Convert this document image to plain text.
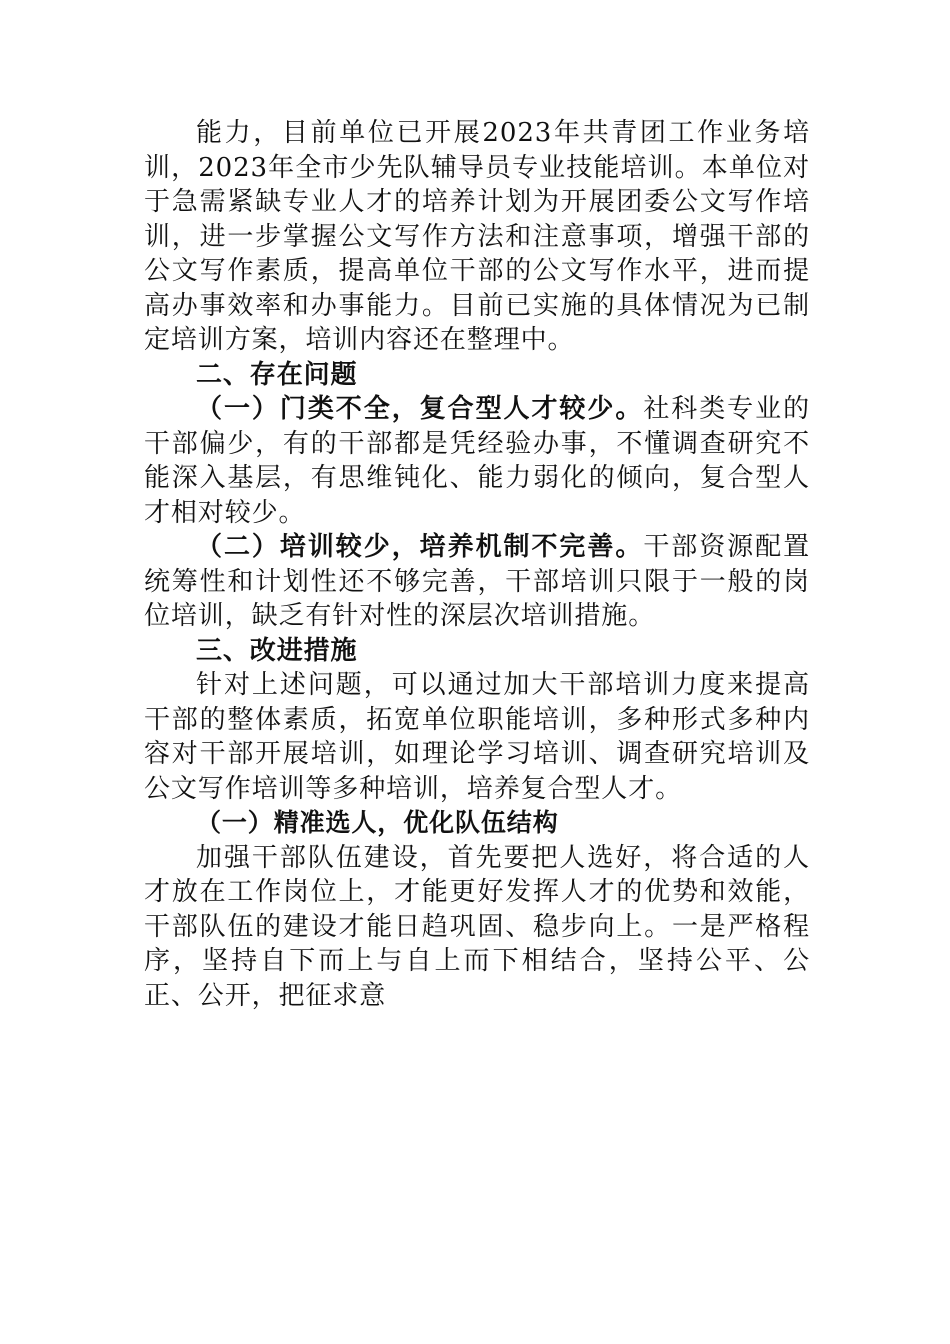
能力，目前单位已开展2023年共青团工作业务培训，2023年全市少先队辅导员专业技能培训。本单位对于急需紧缺专业人才的培养计划为开展团委公文写作培训，进一步掌握公文写作方法和注意事项，增强干部的公文写作素质，提高单位干部的公文写作水平，进而提高办事效率和办事能力。目前已实施的具体情况为已制定培训方案，培训内容还在整理中。

二、存在问题

（一）门类不全，复合型人才较少。社科类专业的干部偏少，有的干部都是凭经验办事，不懂调查研究不能深入基层，有思维钝化、能力弱化的倾向，复合型人才相对较少。

（二）培训较少，培养机制不完善。干部资源配置统筹性和计划性还不够完善，干部培训只限于一般的岗位培训，缺乏有针对性的深层次培训措施。

三、改进措施

针对上述问题，可以通过加大干部培训力度来提高干部的整体素质，拓宽单位职能培训，多种形式多种内容对干部开展培训，如理论学习培训、调查研究培训及公文写作培训等多种培训，培养复合型人才。

（一）精准选人，优化队伍结构

加强干部队伍建设，首先要把人选好，将合适的人才放在工作岗位上，才能更好发挥人才的优势和效能，干部队伍的建设才能日趋巩固、稳步向上。一是严格程序，坚持自下而上与自上而下相结合，坚持公平、公正、公开，把征求意
